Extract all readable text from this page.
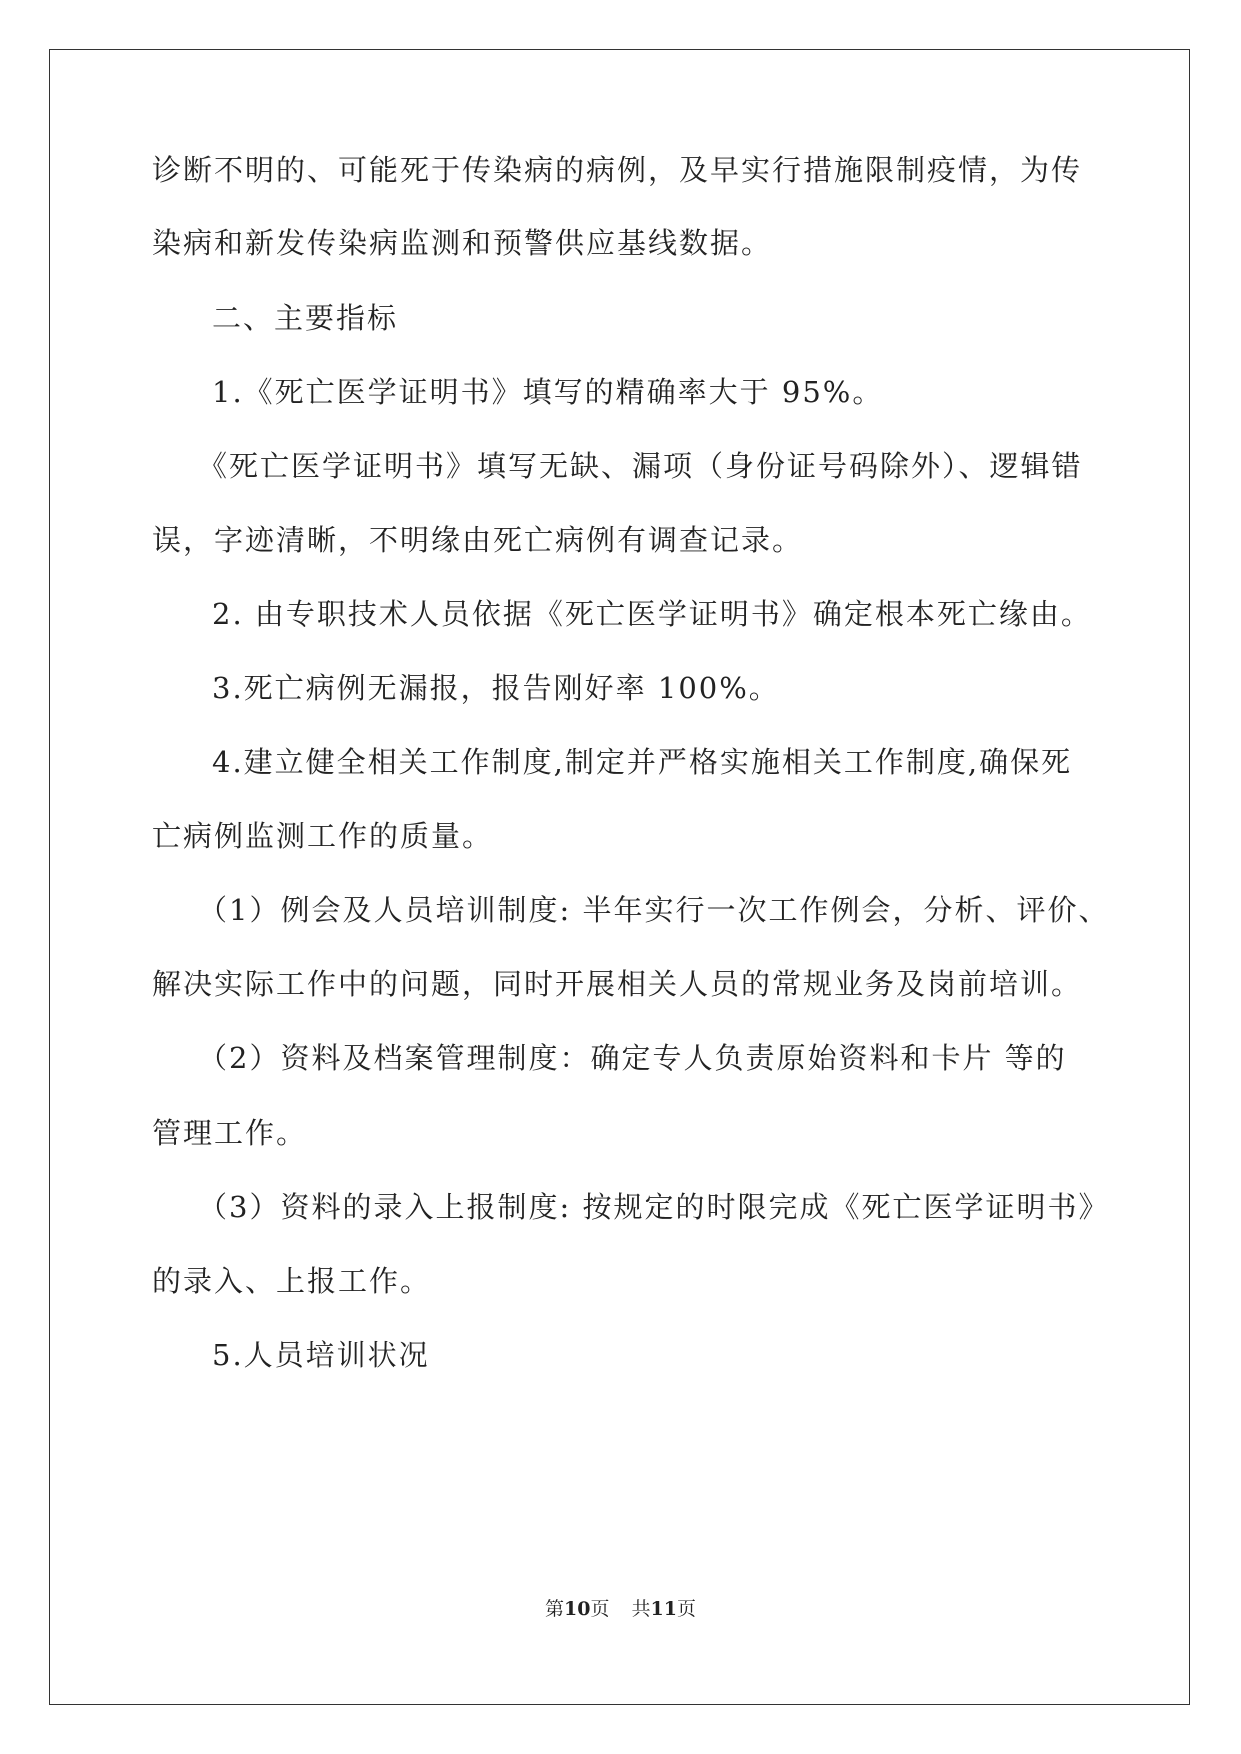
诊断不明的、可能死于传染病的病例，及早实行措施限制疫情，为传
染病和新发传染病监测和预警供应基线数据。
二、主要指标
1.《死亡医学证明书》填写的精确率大于 95%。
《死亡医学证明书》填写无缺、漏项（身份证号码除外）、逻辑错
误，字迹清晰，不明缘由死亡病例有调查记录。
2. 由专职技术人员依据《死亡医学证明书》确定根本死亡缘由。
3.死亡病例无漏报，报告刚好率 100%。
4.建立健全相关工作制度,制定并严格实施相关工作制度,确保死
亡病例监测工作的质量。
（1）例会及人员培训制度: 半年实行一次工作例会，分析、评价、
解决实际工作中的问题，同时开展相关人员的常规业务及岗前培训。
（2）资料及档案管理制度：确定专人负责原始资料和卡片 等的
管理工作。
（3）资料的录入上报制度: 按规定的时限完成《死亡医学证明书》
的录入、上报工作。
5.人员培训状况
第10页 共11页
